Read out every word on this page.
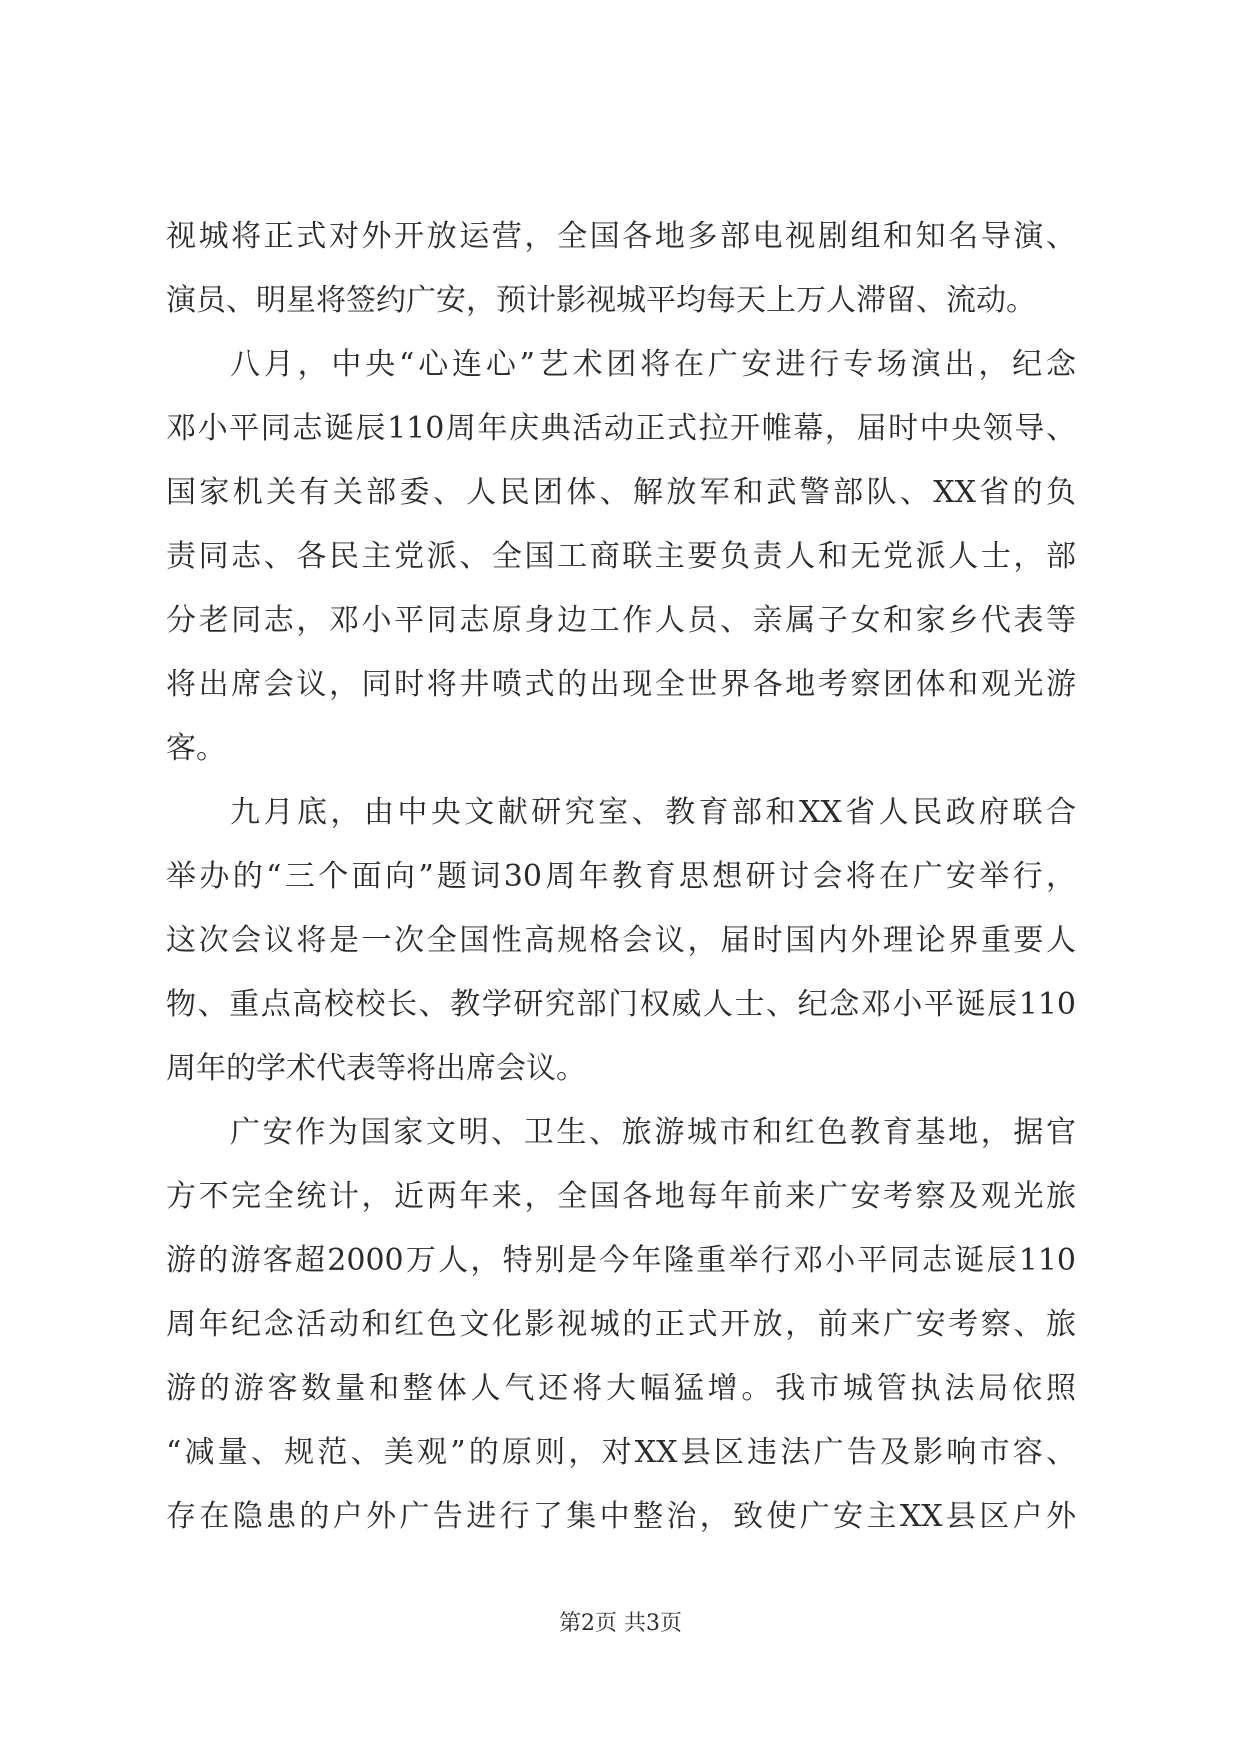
视城将正式对外开放运营，全国各地多部电视剧组和知名导演、
演员、明星将签约广安，预计影视城平均每天上万人滞留、流动。
八月，中央“心连心”艺术团将在广安进行专场演出，纪念
邓小平同志诞辰110周年庆典活动正式拉开帷幕，届时中央领导、
国家机关有关部委、人民团体、解放军和武警部队、XX省的负
责同志、各民主党派、全国工商联主要负责人和无党派人士，部
分老同志，邓小平同志原身边工作人员、亲属子女和家乡代表等
将出席会议，同时将井喷式的出现全世界各地考察团体和观光游
客。
九月底，由中央文献研究室、教育部和XX省人民政府联合
举办的“三个面向”题词30周年教育思想研讨会将在广安举行，
这次会议将是一次全国性高规格会议，届时国内外理论界重要人
物、重点高校校长、教学研究部门权威人士、纪念邓小平诞辰110
周年的学术代表等将出席会议。
广安作为国家文明、卫生、旅游城市和红色教育基地，据官
方不完全统计，近两年来，全国各地每年前来广安考察及观光旅
游的游客超2000万人，特别是今年隆重举行邓小平同志诞辰110
周年纪念活动和红色文化影视城的正式开放，前来广安考察、旅
游的游客数量和整体人气还将大幅猛增。我市城管执法局依照
“减量、规范、美观”的原则，对XX县区违法广告及影响市容、
存在隐患的户外广告进行了集中整治，致使广安主XX县区户外
第2页 共3页
